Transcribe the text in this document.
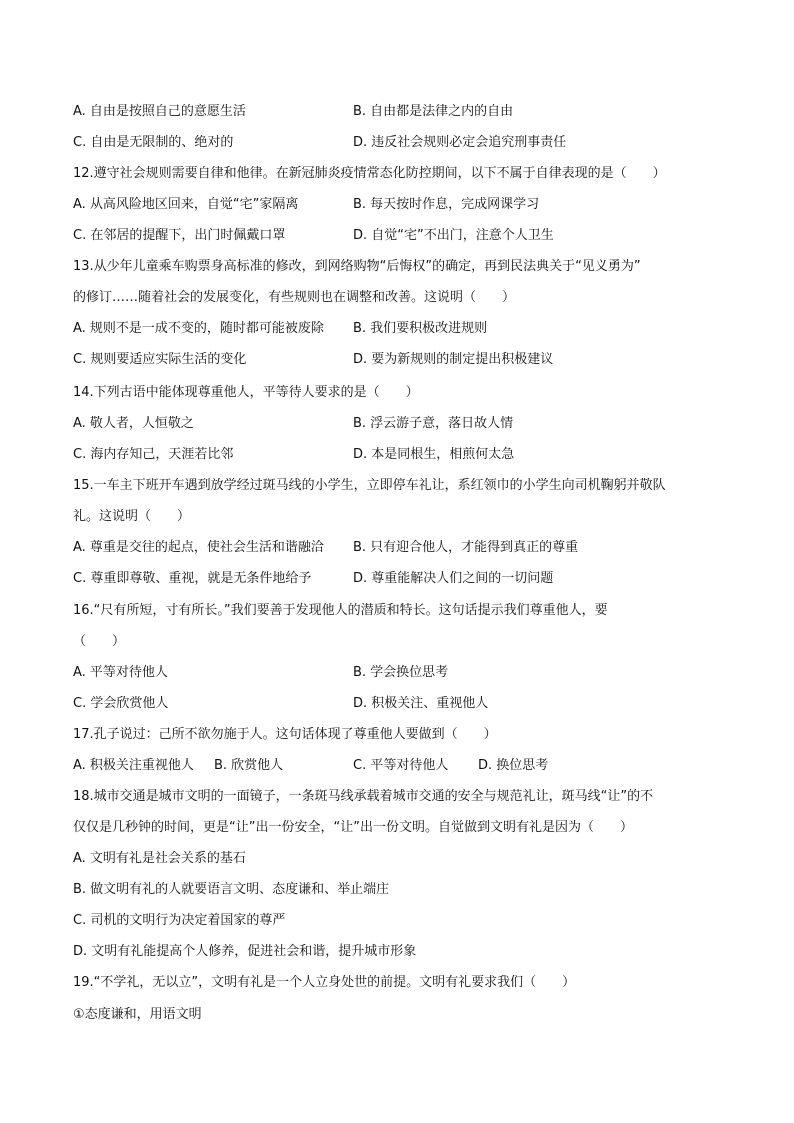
A. 自由是按照自己的意愿生活	B. 自由都是法律之内的自由
C. 自由是无限制的、绝对的	D. 违反社会规则必定会追究刑事责任
12.遵守社会规则需要自律和他律。在新冠肺炎疫情常态化防控期间，以下不属于自律表现的是（　　）
A. 从高风险地区回来，自觉“宅”家隔离	B. 每天按时作息，完成网课学习
C. 在邻居的提醒下，出门时佩戴口罩	D. 自觉“宅”不出门，注意个人卫生
13.从少年儿童乘车购票身高标准的修改，到网络购物“后悔权”的确定，再到民法典关于“见义勇为”
的修订……随着社会的发展变化，有些规则也在调整和改善。这说明（　　）
A. 规则不是一成不变的，随时都可能被废除 B. 我们要积极改进规则
C. 规则要适应实际生活的变化	D. 要为新规则的制定提出积极建议
14.下列古语中能体现尊重他人，平等待人要求的是（　　）
A. 敬人者，人恒敬之	B. 浮云游子意，落日故人情
C. 海内存知己，天涯若比邻	D. 本是同根生，相煎何太急
15.一车主下班开车遇到放学经过斑马线的小学生，立即停车礼让，系红领巾的小学生向司机鞠躬并敬队
礼。这说明（　　）
A. 尊重是交往的起点，使社会生活和谐融洽 B. 只有迎合他人，才能得到真正的尊重
C. 尊重即尊敬、重视，就是无条件地给予	D. 尊重能解决人们之间的一切问题
16.“尺有所短，寸有所长。”我们要善于发现他人的潜质和特长。这句话提示我们尊重他人，要
（　　）
A. 平等对待他人	B. 学会换位思考
C. 学会欣赏他人	D. 积极关注、重视他人
17.孔子说过：己所不欲勿施于人。这句话体现了尊重他人要做到（　　）
A. 积极关注重视他人 B. 欣赏他人	C. 平等对待他人 D. 换位思考
18.城市交通是城市文明的一面镜子，一条斑马线承载着城市交通的安全与规范礼让，斑马线“让”的不
仅仅是几秒钟的时间，更是“让”出一份安全，“让”出一份文明。自觉做到文明有礼是因为（　　）
A. 文明有礼是社会关系的基石
B. 做文明有礼的人就要语言文明、态度谦和、举止端庄
C. 司机的文明行为决定着国家的尊严
D. 文明有礼能提高个人修养，促进社会和谐，提升城市形象
19.“不学礼，无以立”，文明有礼是一个人立身处世的前提。文明有礼要求我们（　　）
①态度谦和，用语文明
